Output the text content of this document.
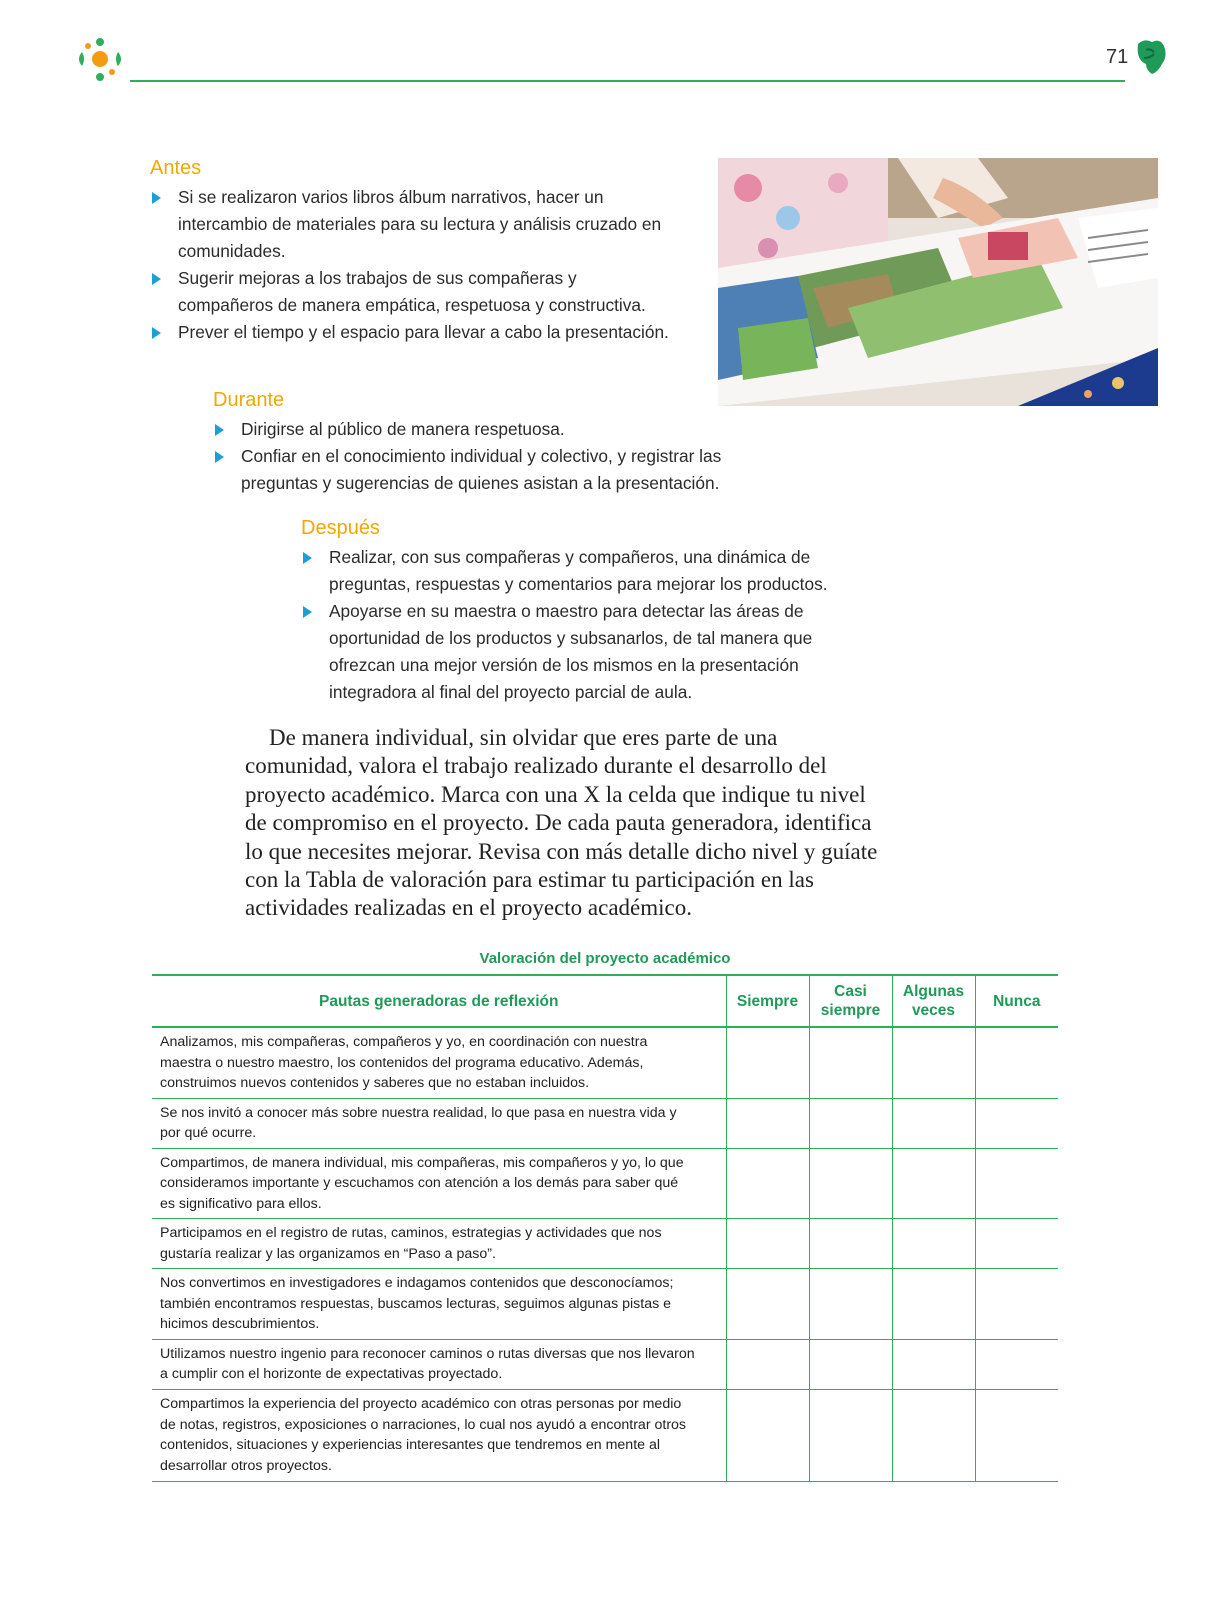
71
Antes
Si se realizaron varios libros álbum narrativos, hacer un intercambio de materiales para su lectura y análisis cruzado en comunidades.
Sugerir mejoras a los trabajos de sus compañeras y compañeros de manera empática, respetuosa y constructiva.
Prever el tiempo y el espacio para llevar a cabo la presentación.
Durante
Dirigirse al público de manera respetuosa.
Confiar en el conocimiento individual y colectivo, y registrar las preguntas y sugerencias de quienes asistan a la presentación.
Después
Realizar, con sus compañeras y compañeros, una dinámica de preguntas, respuestas y comentarios para mejorar los productos.
Apoyarse en su maestra o maestro para detectar las áreas de oportunidad de los productos y subsanarlos, de tal manera que ofrezcan una mejor versión de los mismos en la presentación integradora al final del proyecto parcial de aula.

De manera individual, sin olvidar que eres parte de una comunidad, valora el trabajo realizado durante el desarrollo del proyecto académico. Marca con una X la celda que indique tu nivel de compromiso en el proyecto. De cada pauta generadora, identifica lo que necesites mejorar. Revisa con más detalle dicho nivel y guíate con la Tabla de valoración para estimar tu participación en las actividades realizadas en el proyecto académico.

Valoración del proyecto académico

Pautas generadoras de reflexión	Siempre	Casi siempre	Algunas veces	Nunca
Analizamos, mis compañeras, compañeros y yo, en coordinación con nuestra maestra o nuestro maestro, los contenidos del programa educativo. Además, construimos nuevos contenidos y saberes que no estaban incluidos.				
Se nos invitó a conocer más sobre nuestra realidad, lo que pasa en nuestra vida y por qué ocurre.				
Compartimos, de manera individual, mis compañeras, mis compañeros y yo, lo que consideramos importante y escuchamos con atención a los demás para saber qué es significativo para ellos.				
Participamos en el registro de rutas, caminos, estrategias y actividades que nos gustaría realizar y las organizamos en “Paso a paso”.				
Nos convertimos en investigadores e indagamos contenidos que desconocíamos; también encontramos respuestas, buscamos lecturas, seguimos algunas pistas e hicimos descubrimientos.				
Utilizamos nuestro ingenio para reconocer caminos o rutas diversas que nos llevaron a cumplir con el horizonte de expectativas proyectado.				
Compartimos la experiencia del proyecto académico con otras personas por medio de notas, registros, exposiciones o narraciones, lo cual nos ayudó a encontrar otros contenidos, situaciones y experiencias interesantes que tendremos en mente al desarrollar otros proyectos.				
